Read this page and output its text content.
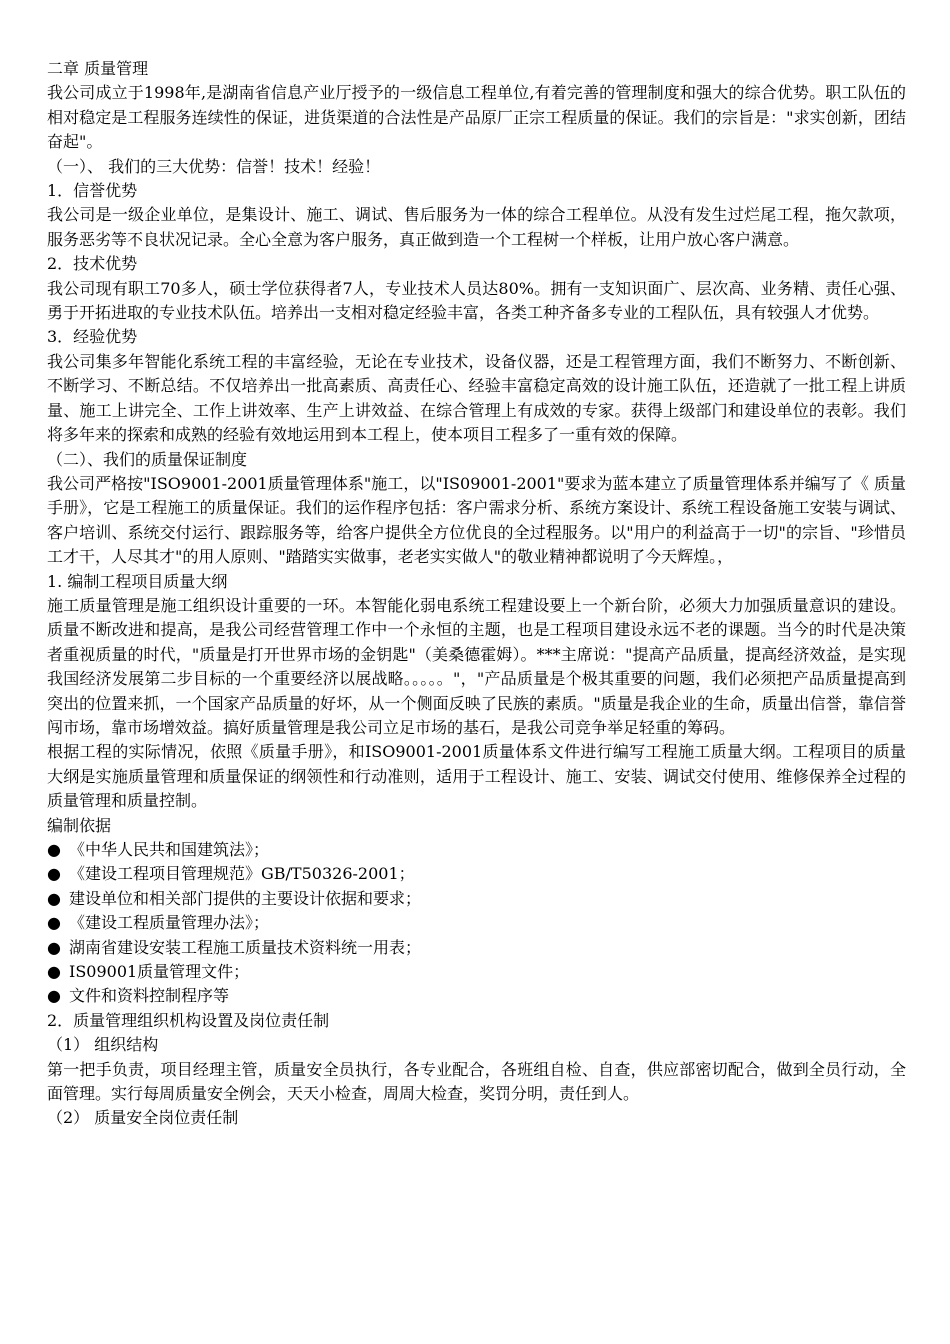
二章 质量管理

我公司成立于1998年,是湖南省信息产业厅授予的一级信息工程单位,有着完善的管理制度和强大的综合优势。职工队伍的相对稳定是工程服务连续性的保证，进货渠道的合法性是产品原厂正宗工程质量的保证。我们的宗旨是："求实创新，团结奋起"。

（一）、 我们的三大优势：信誉！技术！经验！

1．信誉优势

我公司是一级企业单位，是集设计、施工、调试、售后服务为一体的综合工程单位。从没有发生过烂尾工程，拖欠款项，服务恶劣等不良状况记录。全心全意为客户服务，真正做到造一个工程树一个样板，让用户放心客户满意。

2．技术优势

我公司现有职工70多人，硕士学位获得者7人，专业技术人员达80%。拥有一支知识面广、层次高、业务精、责任心强、勇于开拓进取的专业技术队伍。培养出一支相对稳定经验丰富，各类工种齐备多专业的工程队伍，具有较强人才优势。

3．经验优势

我公司集多年智能化系统工程的丰富经验，无论在专业技术，设备仪器，还是工程管理方面，我们不断努力、不断创新、不断学习、不断总结。不仅培养出一批高素质、高责任心、经验丰富稳定高效的设计施工队伍，还造就了一批工程上讲质量、施工上讲完全、工作上讲效率、生产上讲效益、在综合管理上有成效的专家。获得上级部门和建设单位的表彰。我们将多年来的探索和成熟的经验有效地运用到本工程上，使本项目工程多了一重有效的保障。

（二）、我们的质量保证制度

我公司严格按"ISO9001-2001质量管理体系"施工，以"IS09001-2001"要求为蓝本建立了质量管理体系并编写了《 质量手册》，它是工程施工的质量保证。我们的运作程序包括：客户需求分析、系统方案设计、系统工程设备施工安装与调试、客户培训、系统交付运行、跟踪服务等，给客户提供全方位优良的全过程服务。以"用户的利益高于一切"的宗旨、"珍惜员工才干，人尽其才"的用人原则、"踏踏实实做事，老老实实做人"的敬业精神都说明了今天辉煌。，

1. 编制工程项目质量大纲

施工质量管理是施工组织设计重要的一环。本智能化弱电系统工程建设要上一个新台阶，必须大力加强质量意识的建设。质量不断改进和提高，是我公司经营管理工作中一个永恒的主题，也是工程项目建设永远不老的课题。当今的时代是决策者重视质量的时代，"质量是打开世界市场的金钥匙"（美桑德霍姆）。***主席说："提高产品质量，提高经济效益，是实现我国经济发展第二步目标的一个重要经济以展战略。。。。。"，"产品质量是个极其重要的问题，我们必须把产品质量提高到突出的位置来抓，一个国家产品质量的好坏，从一个侧面反映了民族的素质。"质量是我企业的生命，质量出信誉，靠信誉闯市场，靠市场增效益。搞好质量管理是我公司立足市场的基石，是我公司竞争举足轻重的筹码。

根据工程的实际情况，依照《质量手册》，和ISO9001-2001质量体系文件进行编写工程施工质量大纲。工程项目的质量大纲是实施质量管理和质量保证的纲领性和行动准则，适用于工程设计、施工、安装、调试交付使用、维修保养全过程的质量管理和质量控制。

编制依据

● 《中华人民共和国建筑法》；
● 《建设工程项目管理规范》GB/T50326-2001；
● 建设单位和相关部门提供的主要设计依据和要求；
● 《建设工程质量管理办法》；
● 湖南省建设安装工程施工质量技术资料统一用表；
● IS09001质量管理文件；
● 文件和资料控制程序等

2．质量管理组织机构设置及岗位责任制

（1） 组织结构

第一把手负责，项目经理主管，质量安全员执行，各专业配合，各班组自检、自查，供应部密切配合，做到全员行动，全面管理。实行每周质量安全例会，天天小检查，周周大检查，奖罚分明，责任到人。

（2） 质量安全岗位责任制
